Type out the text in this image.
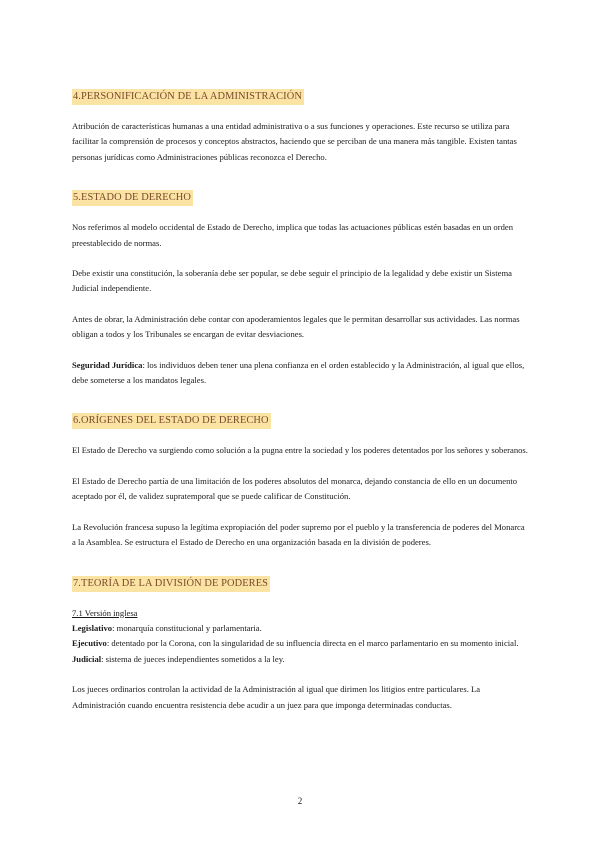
4.PERSONIFICACIÓN DE LA ADMINISTRACIÓN

Atribución de características humanas a una entidad administrativa o a sus funciones y operaciones. Este recurso se utiliza para facilitar la comprensión de procesos y conceptos abstractos, haciendo que se perciban de una manera más tangible. Existen tantas personas jurídicas como Administraciones públicas reconozca el Derecho.

5.ESTADO DE DERECHO

Nos referimos al modelo occidental de Estado de Derecho, implica que todas las actuaciones públicas estén basadas en un orden preestablecido de normas.

Debe existir una constitución, la soberanía debe ser popular, se debe seguir el principio de la legalidad y debe existir un Sistema Judicial independiente.

Antes de obrar, la Administración debe contar con apoderamientos legales que le permitan desarrollar sus actividades. Las normas obligan a todos y los Tribunales se encargan de evitar desviaciones.

Seguridad Jurídica: los individuos deben tener una plena confianza en el orden establecido y la Administración, al igual que ellos, debe someterse a los mandatos legales.

6.ORÍGENES DEL ESTADO DE DERECHO

El Estado de Derecho va surgiendo como solución a la pugna entre la sociedad y los poderes detentados por los señores y soberanos.

El Estado de Derecho partía de una limitación de los poderes absolutos del monarca, dejando constancia de ello en un documento aceptado por él, de validez supratemporal que se puede calificar de Constitución.

La Revolución francesa supuso la legítima expropiación del poder supremo por el pueblo y la transferencia de poderes del Monarca a la Asamblea. Se estructura el Estado de Derecho en una organización basada en la división de poderes.

7.TEORÍA DE LA DIVISIÓN DE PODERES

7.1 Versión inglesa

Legislativo: monarquía constitucional y parlamentaria.

Ejecutivo: detentado por la Corona, con la singularidad de su influencia directa en el marco parlamentario en su momento inicial.

Judicial: sistema de jueces independientes sometidos a la ley.

Los jueces ordinarios controlan la actividad de la Administración al igual que dirimen los litigios entre particulares. La Administración cuando encuentra resistencia debe acudir a un juez para que imponga determinadas conductas.

2
